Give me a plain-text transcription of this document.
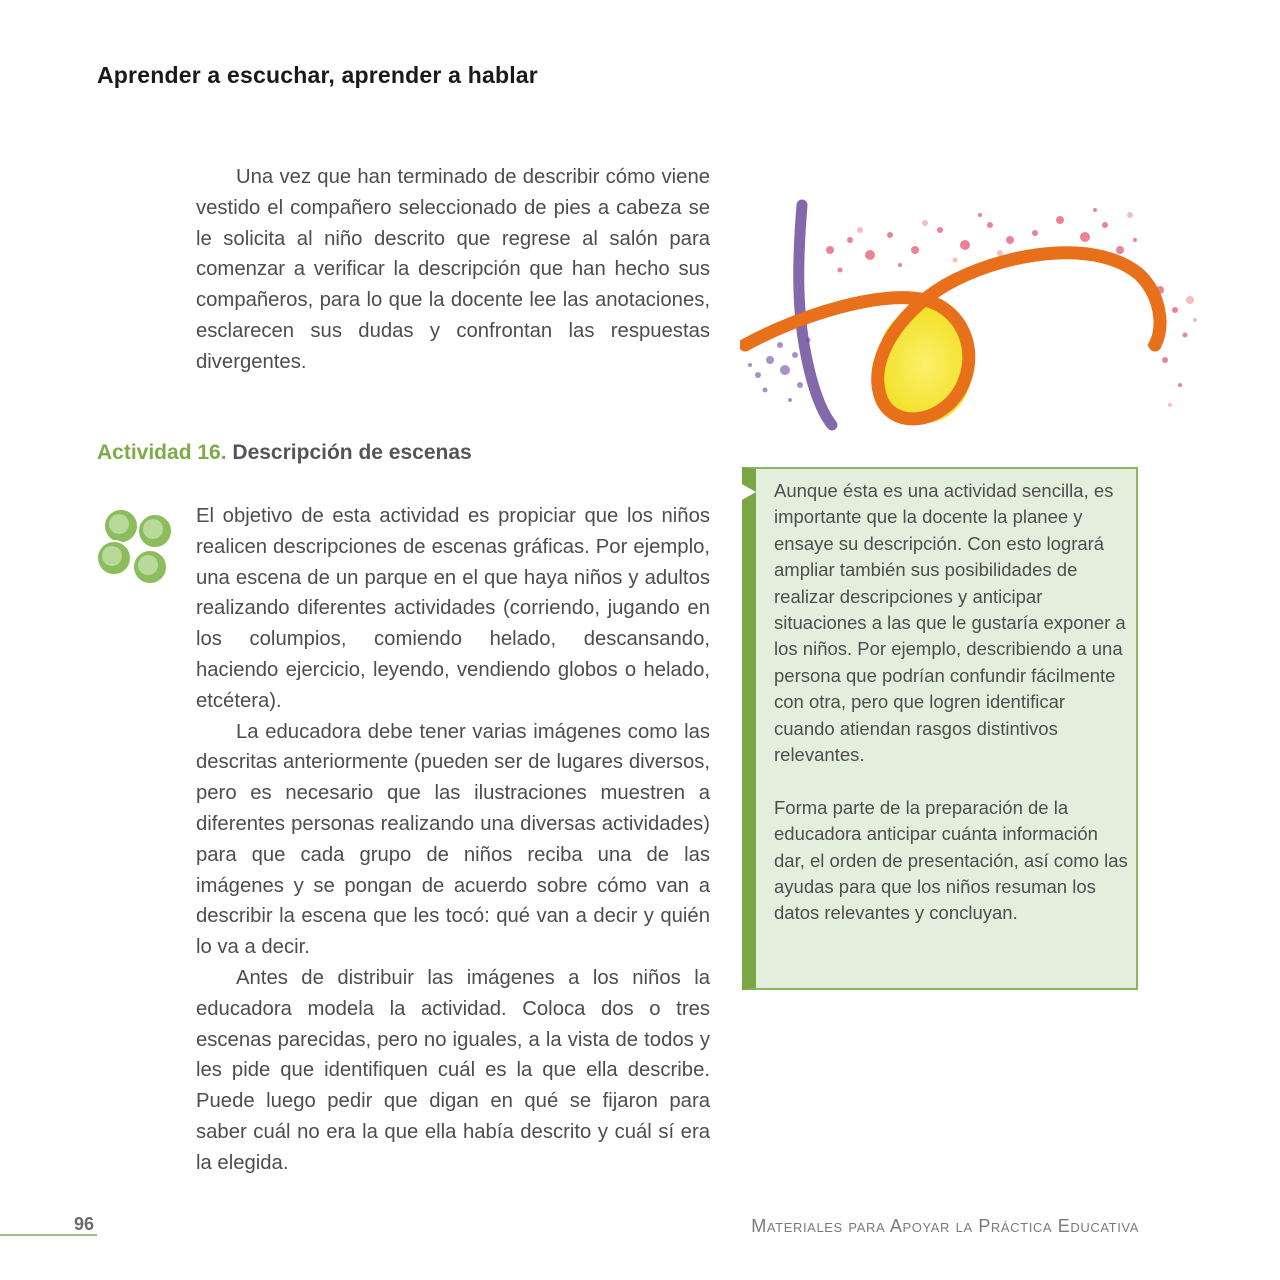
Aprender a escuchar, aprender a hablar

Una vez que han terminado de describir cómo viene vestido el compañero seleccionado de pies a cabeza se le solicita al niño descrito que regrese al salón para comenzar a verificar la descripción que han hecho sus compañeros, para lo que la docente lee las anotaciones, esclarecen sus dudas y confrontan las respuestas divergentes.

Actividad 16. Descripción de escenas

El objetivo de esta actividad es propiciar que los niños realicen descripciones de escenas gráficas. Por ejemplo, una escena de un parque en el que haya niños y adultos realizando diferentes actividades (corriendo, jugando en los columpios, comiendo helado, descansando, haciendo ejercicio, leyendo, vendiendo globos o helado, etcétera).

La educadora debe tener varias imágenes como las descritas anteriormente (pueden ser de lugares diversos, pero es necesario que las ilustraciones muestren a diferentes personas realizando una diversas actividades) para que cada grupo de niños reciba una de las imágenes y se pongan de acuerdo sobre cómo van a describir la escena que les tocó: qué van a decir y quién lo va a decir.

Antes de distribuir las imágenes a los niños la educadora modela la actividad. Coloca dos o tres escenas parecidas, pero no iguales, a la vista de todos y les pide que identifiquen cuál es la que ella describe. Puede luego pedir que digan en qué se fijaron para saber cuál no era la que ella había descrito y cuál sí era la elegida.

Aunque ésta es una actividad sencilla, es importante que la docente la planee y ensaye su descripción. Con esto logrará ampliar también sus posibilidades de realizar descripciones y anticipar situaciones a las que le gustaría exponer a los niños. Por ejemplo, describiendo a una persona que podrían confundir fácilmente con otra, pero que logren identificar cuando atiendan rasgos distintivos relevantes.

Forma parte de la preparación de la educadora anticipar cuánta información dar, el orden de presentación, así como las ayudas para que los niños resuman los datos relevantes y concluyan.

96	Materiales para Apoyar la Práctica Educativa
